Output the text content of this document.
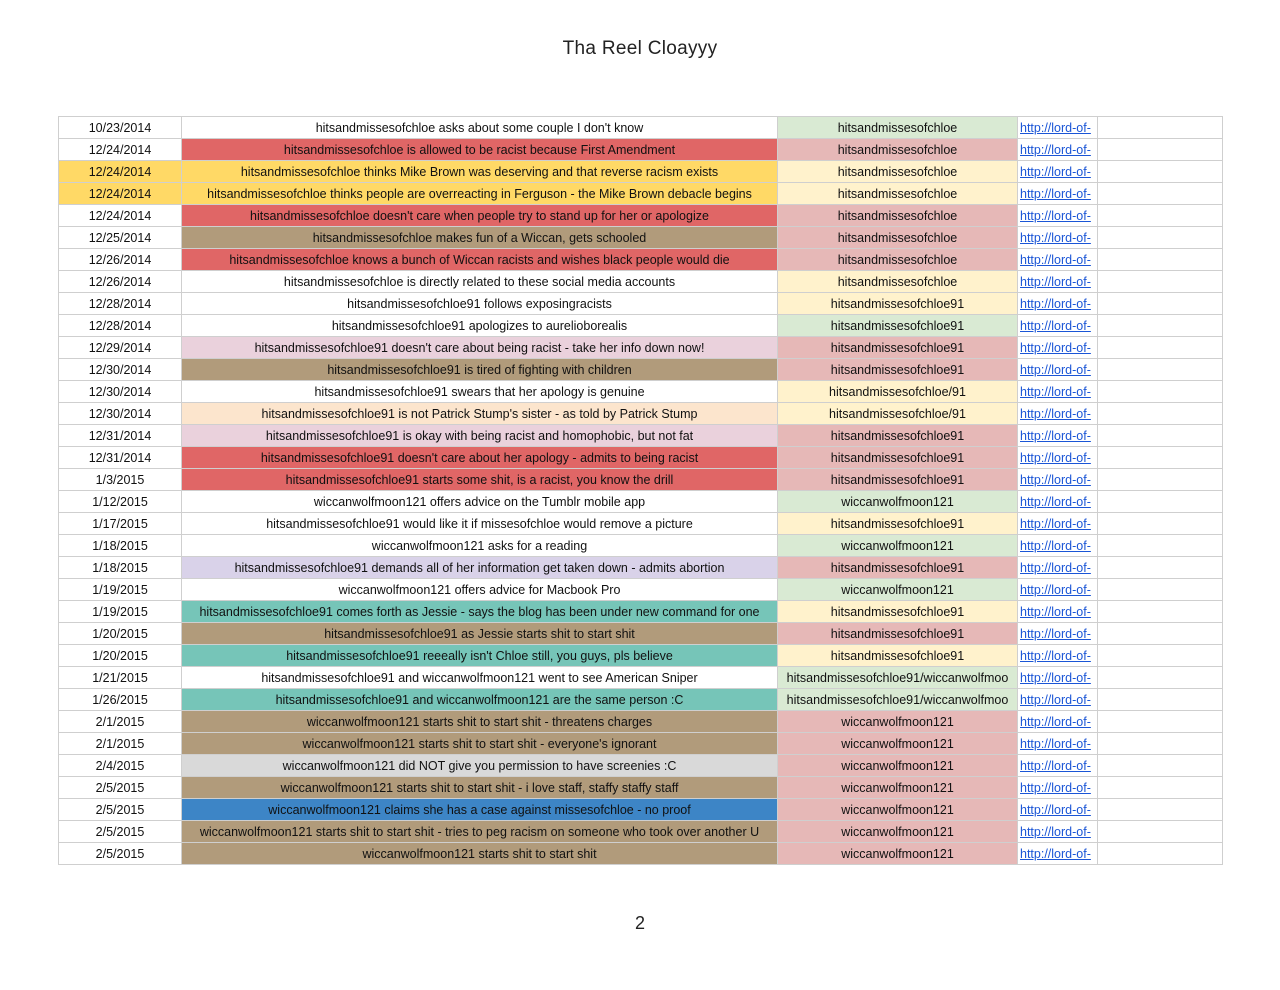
Tha Reel Cloayyy
10/23/2014	hitsandmissesofchloe asks about some couple I don't know	hitsandmissesofchloe	http://lord-of-	
12/24/2014	hitsandmissesofchloe is allowed to be racist because First Amendment	hitsandmissesofchloe	http://lord-of-	
12/24/2014	hitsandmissesofchloe thinks Mike Brown was deserving and that reverse racism exists	hitsandmissesofchloe	http://lord-of-	
12/24/2014	hitsandmissesofchloe thinks people are overreacting in Ferguson - the Mike Brown debacle begins	hitsandmissesofchloe	http://lord-of-	
12/24/2014	hitsandmissesofchloe doesn't care when people try to stand up for her or apologize	hitsandmissesofchloe	http://lord-of-	
12/25/2014	hitsandmissesofchloe makes fun of a Wiccan, gets schooled	hitsandmissesofchloe	http://lord-of-	
12/26/2014	hitsandmissesofchloe knows a bunch of Wiccan racists and wishes black people would die	hitsandmissesofchloe	http://lord-of-	
12/26/2014	hitsandmissesofchloe is directly related to these social media accounts	hitsandmissesofchloe	http://lord-of-	
12/28/2014	hitsandmissesofchloe91 follows exposingracists	hitsandmissesofchloe91	http://lord-of-	
12/28/2014	hitsandmissesofchloe91 apologizes to aurelioborealis	hitsandmissesofchloe91	http://lord-of-	
12/29/2014	hitsandmissesofchloe91 doesn't care about being racist - take her info down now!	hitsandmissesofchloe91	http://lord-of-	
12/30/2014	hitsandmissesofchloe91 is tired of fighting with children	hitsandmissesofchloe91	http://lord-of-	
12/30/2014	hitsandmissesofchloe91 swears that her apology is genuine	hitsandmissesofchloe/91	http://lord-of-	
12/30/2014	hitsandmissesofchloe91 is not Patrick Stump's sister - as told by Patrick Stump	hitsandmissesofchloe/91	http://lord-of-	
12/31/2014	hitsandmissesofchloe91 is okay with being racist and homophobic, but not fat	hitsandmissesofchloe91	http://lord-of-	
12/31/2014	hitsandmissesofchloe91 doesn't care about her apology - admits to being racist	hitsandmissesofchloe91	http://lord-of-	
1/3/2015	hitsandmissesofchloe91 starts some shit, is a racist, you know the drill	hitsandmissesofchloe91	http://lord-of-	
1/12/2015	wiccanwolfmoon121 offers advice on the Tumblr mobile app	wiccanwolfmoon121	http://lord-of-	
1/17/2015	hitsandmissesofchloe91 would like it if missesofchloe would remove a picture	hitsandmissesofchloe91	http://lord-of-	
1/18/2015	wiccanwolfmoon121 asks for a reading	wiccanwolfmoon121	http://lord-of-	
1/18/2015	hitsandmissesofchloe91 demands all of her information get taken down - admits abortion	hitsandmissesofchloe91	http://lord-of-	
1/19/2015	wiccanwolfmoon121 offers advice for Macbook Pro	wiccanwolfmoon121	http://lord-of-	
1/19/2015	hitsandmissesofchloe91 comes forth as Jessie - says the blog has been under new command for one	hitsandmissesofchloe91	http://lord-of-	
1/20/2015	hitsandmissesofchloe91 as Jessie starts shit to start shit	hitsandmissesofchloe91	http://lord-of-	
1/20/2015	hitsandmissesofchloe91 reeeally isn't Chloe still, you guys, pls believe	hitsandmissesofchloe91	http://lord-of-	
1/21/2015	hitsandmissesofchloe91 and wiccanwolfmoon121 went to see American Sniper	hitsandmissesofchloe91/wiccanwolfmoo	http://lord-of-	
1/26/2015	hitsandmissesofchloe91 and wiccanwolfmoon121 are the same person :C	hitsandmissesofchloe91/wiccanwolfmoo	http://lord-of-	
2/1/2015	wiccanwolfmoon121 starts shit to start shit - threatens charges	wiccanwolfmoon121	http://lord-of-	
2/1/2015	wiccanwolfmoon121 starts shit to start shit - everyone's ignorant	wiccanwolfmoon121	http://lord-of-	
2/4/2015	wiccanwolfmoon121 did NOT give you permission to have screenies :C	wiccanwolfmoon121	http://lord-of-	
2/5/2015	wiccanwolfmoon121 starts shit to start shit - i love staff, staffy staffy staff	wiccanwolfmoon121	http://lord-of-	
2/5/2015	wiccanwolfmoon121 claims she has a case against missesofchloe - no proof	wiccanwolfmoon121	http://lord-of-	
2/5/2015	wiccanwolfmoon121 starts shit to start shit - tries to peg racism on someone who took over another U	wiccanwolfmoon121	http://lord-of-	
2/5/2015	wiccanwolfmoon121 starts shit to start shit	wiccanwolfmoon121	http://lord-of-	
2
